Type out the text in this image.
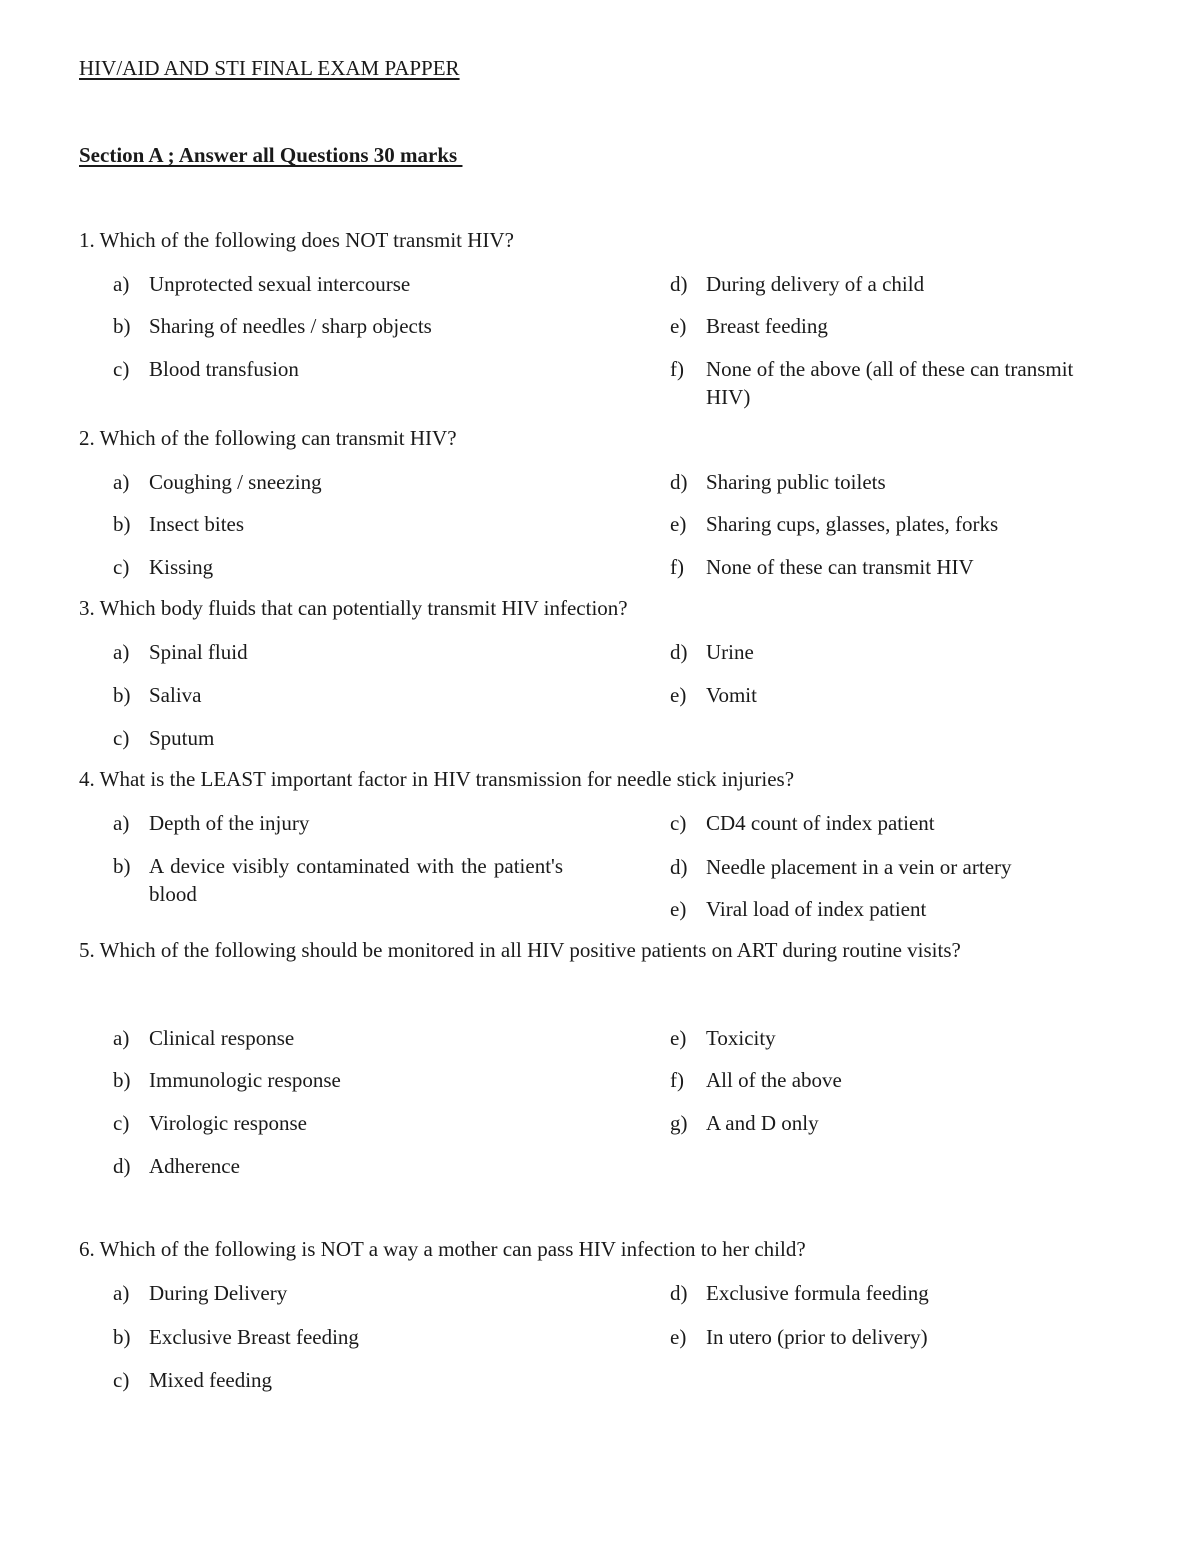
HIV/AID AND STI FINAL EXAM PAPPER
Section A ; Answer all Questions 30 marks
1. Which of the following does NOT transmit HIV?
a) Unprotected sexual intercourse
b) Sharing of needles / sharp objects
c) Blood transfusion
d) During delivery of a child
e) Breast feeding
f) None of the above (all of these can transmit HIV)
2. Which of the following can transmit HIV?
a) Coughing / sneezing
b) Insect bites
c) Kissing
d) Sharing public toilets
e) Sharing cups, glasses, plates, forks
f) None of these can transmit HIV
3. Which body fluids that can potentially transmit HIV infection?
a) Spinal fluid
b) Saliva
c) Sputum
d) Urine
e) Vomit
4. What is the LEAST important factor in HIV transmission for needle stick injuries?
a) Depth of the injury
b) A device visibly contaminated with the patient's blood
c) CD4 count of index patient
d) Needle placement in a vein or artery
e) Viral load of index patient
5. Which of the following should be monitored in all HIV positive patients on ART during routine visits?
a) Clinical response
b) Immunologic response
c) Virologic response
d) Adherence
e) Toxicity
f) All of the above
g) A and D only
6. Which of the following is NOT a way a mother can pass HIV infection to her child?
a) During Delivery
b) Exclusive Breast feeding
c) Mixed feeding
d) Exclusive formula feeding
e) In utero (prior to delivery)
